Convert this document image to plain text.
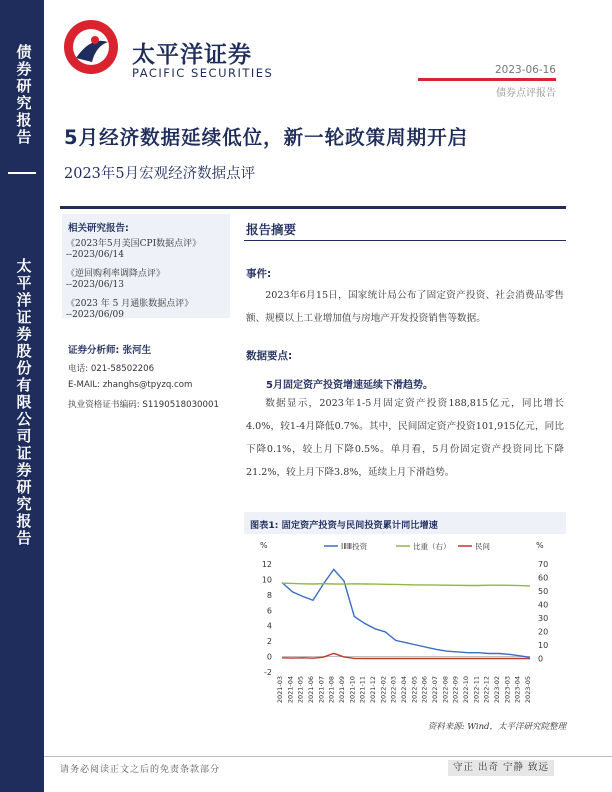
债券研究报告
太平洋证券股份有限公司证券研究报告
太平洋证券
PACIFIC SECURITIES	2023-06-16
债券点评报告
5月经济数据延续低位，新一轮政策周期开启
2023年5月宏观经济数据点评
相关研究报告:
《2023年5月美国CPI数据点评》
--2023/06/14
《逆回购利率调降点评》
--2023/06/13
《2023 年 5 月通胀数据点评》
--2023/06/09
证券分析师: 张河生
电话: 021-58502206
E-MAIL: zhanghs@tpyzq.com
执业资格证书编码: S1190518030001
报告摘要
事件:
2023年6月15日，国家统计局公布了固定资产投资、社会消费品零售额、规模以上工业增加值与房地产开发投资销售等数据。
数据要点:
5月固定资产投资增速延续下滑趋势。
数据显示，2023年1-5月固定资产投资188,815亿元，同比增长4.0%，较1-4月降低0.7%。其中，民间固定资产投资101,915亿元，同比下降0.1%，较上月下降0.5%。单月看，5月份固定资产投资同比下降21.2%，较上月下降3.8%，延续上月下滑趋势。
图表1: 固定资产投资与民间投资累计同比增速
%	%
-2
0
2
4
6
8
10
12
0
10
20
30
40
50
60
70
2021-03 2021-04 2021-05 2021-06 2021-07 2021-08 2021-09 2021-10 2021-11 2021-12 2022-02 2022-03 2022-04 2022-05 2022-06 2022-07 2022-08 2022-09 2022-10 2022-11 2022-12 2023-02 2023-03 2023-04 2023-05
ⅠⅡⅢ投资	比重（右）	民间
资料来源: Wind，太平洋研究院整理
请务必阅读正文之后的免责条款部分	守正 出奇 宁静 致远
